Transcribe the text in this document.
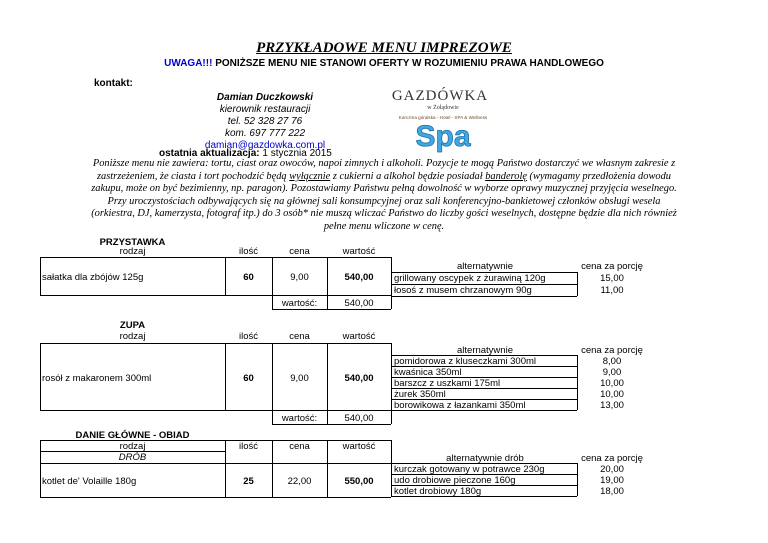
PRZYKŁADOWE MENU IMPREZOWE
UWAGA!!! PONIŻSZE MENU NIE STANOWI OFERTY W ROZUMIENIU PRAWA HANDLOWEGO
kontakt:
Damian Duczkowski
kierownik restauracji
tel. 52 328 27 76
kom. 697 777 222
damian@gazdowka.com.pl
ostatnia aktualizacja: 1 stycznia 2015
GAZDÓWKA
w Żołądowie
Karczma góralska - Hotel - SPA & Wellness
Spa
Poniższe menu nie zawiera: tortu, ciast oraz owoców, napoi zimnych i alkoholi. Pozycje te mogą Państwo dostarczyć we własnym zakresie z
zastrzeżeniem, że ciasta i tort pochodzić będą wyłącznie z cukierni a alkohol będzie posiadał banderolę (wymagamy przedłożenia dowodu
zakupu, może on być bezimienny, np. paragon). Pozostawiamy Państwu pełną dowolność w wyborze oprawy muzycznej przyjęcia weselnego.
Przy uroczystościach odbywających się na głównej sali konsumpcyjnej oraz sali konferencyjno-bankietowej członków obsługi wesela
(orkiestra, DJ, kamerzysta, fotograf itp.) do 3 osób* nie muszą wliczać Państwo do liczby gości weselnych, dostępne będzie dla nich również
pełne menu wliczone w cenę.
PRZYSTAWKA
rodzaj	ilość	cena	wartość
sałatka dla zbójów 125g	60	9,00	540,00
wartość:	540,00
alternatywnie	cena za porcję
grillowany oscypek z żurawiną 120g	15,00
łosoś z musem chrzanowym 90g	11,00
ZUPA
rodzaj	ilość	cena	wartość
rosół z makaronem 300ml	60	9,00	540,00
wartość:	540,00
alternatywnie	cena za porcję
pomidorowa z kluseczkami 300ml	8,00
kwaśnica 350ml	9,00
barszcz z uszkami 175ml	10,00
żurek 350ml	10,00
borowikowa z łazankami 350ml	13,00
DANIE GŁÓWNE - OBIAD
rodzaj
DRÓB
ilość	cena	wartość
kotlet de' Volaille 180g	25	22,00	550,00
alternatywnie drób	cena za porcję
kurczak gotowany w potrawce 230g	20,00
udo drobiowe pieczone 160g	19,00
kotlet drobiowy 180g	18,00
